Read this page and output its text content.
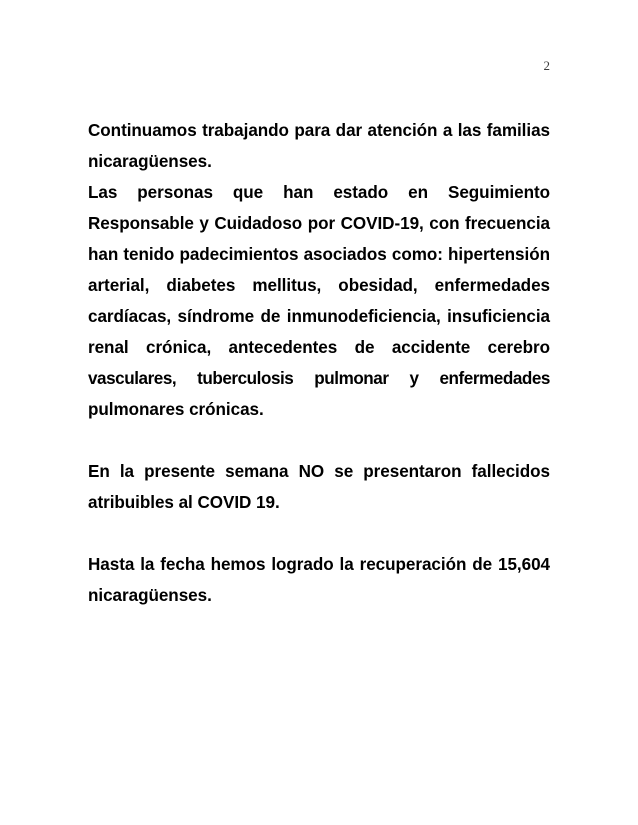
2

Continuamos trabajando para dar atención a las familias nicaragüenses.

Las personas que han estado en Seguimiento Responsable y Cuidadoso por COVID-19, con frecuencia han tenido padecimientos asociados como: hipertensión arterial, diabetes mellitus, obesidad, enfermedades cardíacas, síndrome de inmunodeficiencia, insuficiencia renal crónica, antecedentes de accidente cerebro

vasculares, tuberculosis pulmonar y enfermedades

pulmonares crónicas.

En la presente semana NO se presentaron fallecidos atribuibles al COVID 19.

Hasta la fecha hemos logrado la recuperación de 15,604 nicaragüenses.
